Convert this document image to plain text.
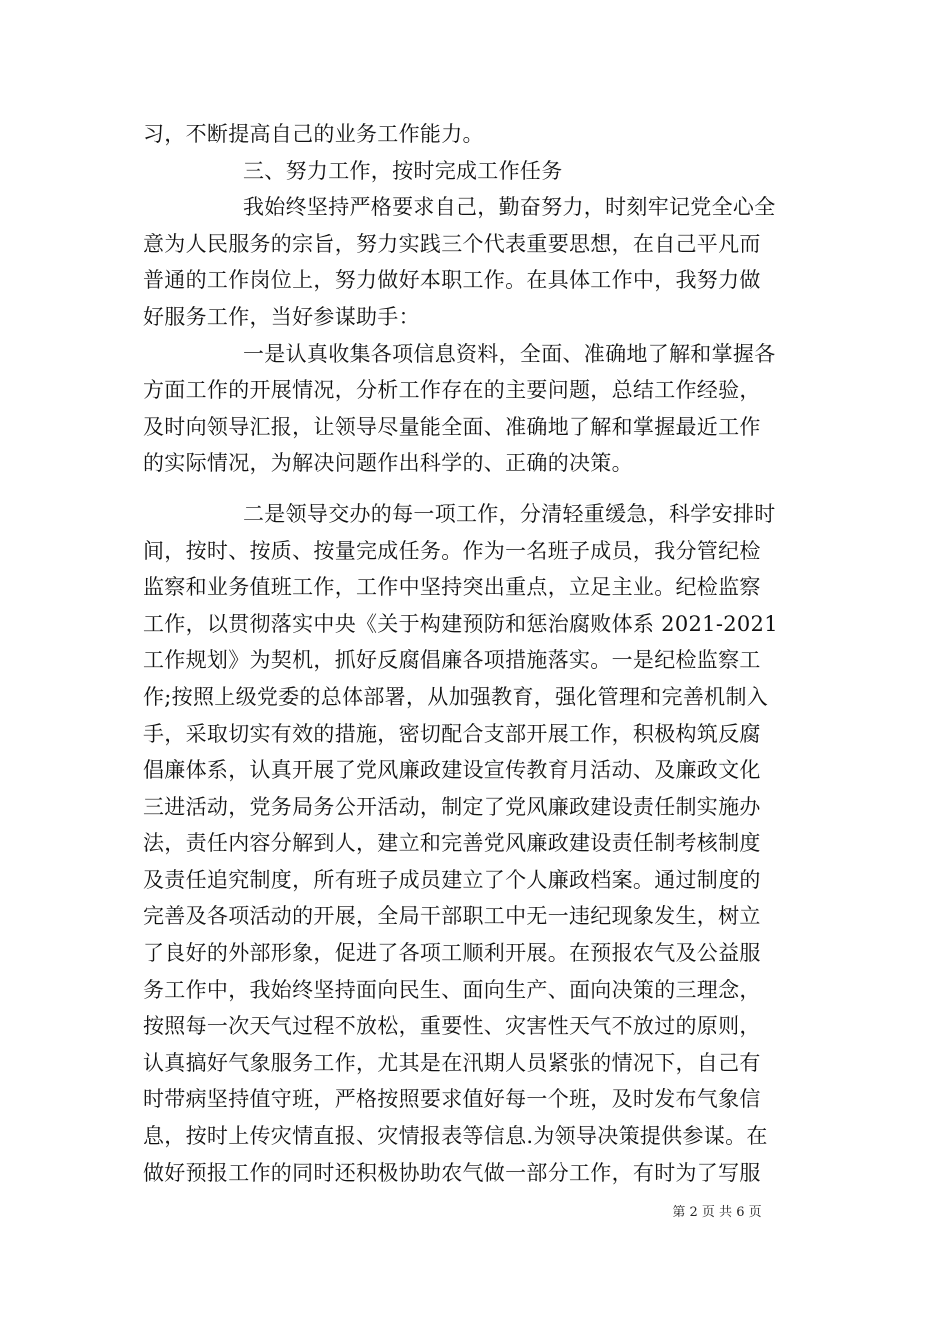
习，不断提高自己的业务工作能力。
三、努力工作，按时完成工作任务
我始终坚持严格要求自己，勤奋努力，时刻牢记党全心全
意为人民服务的宗旨，努力实践三个代表重要思想，在自己平凡而
普通的工作岗位上，努力做好本职工作。在具体工作中，我努力做
好服务工作，当好参谋助手：
一是认真收集各项信息资料，全面、准确地了解和掌握各
方面工作的开展情况，分析工作存在的主要问题，总结工作经验，
及时向领导汇报，让领导尽量能全面、准确地了解和掌握最近工作
的实际情况，为解决问题作出科学的、正确的决策。
二是领导交办的每一项工作，分清轻重缓急，科学安排时
间，按时、按质、按量完成任务。作为一名班子成员，我分管纪检
监察和业务值班工作，工作中坚持突出重点，立足主业。纪检监察
工作，以贯彻落实中央《关于构建预防和惩治腐败体系 2021-2021
工作规划》为契机，抓好反腐倡廉各项措施落实。一是纪检监察工
作;按照上级党委的总体部署，从加强教育，强化管理和完善机制入
手，采取切实有效的措施，密切配合支部开展工作，积极构筑反腐
倡廉体系，认真开展了党风廉政建设宣传教育月活动、及廉政文化
三进活动，党务局务公开活动，制定了党风廉政建设责任制实施办
法，责任内容分解到人，建立和完善党风廉政建设责任制考核制度
及责任追究制度，所有班子成员建立了个人廉政档案。通过制度的
完善及各项活动的开展，全局干部职工中无一违纪现象发生，树立
了良好的外部形象，促进了各项工顺利开展。在预报农气及公益服
务工作中，我始终坚持面向民生、面向生产、面向决策的三理念，
按照每一次天气过程不放松，重要性、灾害性天气不放过的原则，
认真搞好气象服务工作，尤其是在汛期人员紧张的情况下，自己有
时带病坚持值守班，严格按照要求值好每一个班，及时发布气象信
息，按时上传灾情直报、灾情报表等信息.为领导决策提供参谋。在
做好预报工作的同时还积极协助农气做一部分工作，有时为了写服
第 2 页 共 6 页
